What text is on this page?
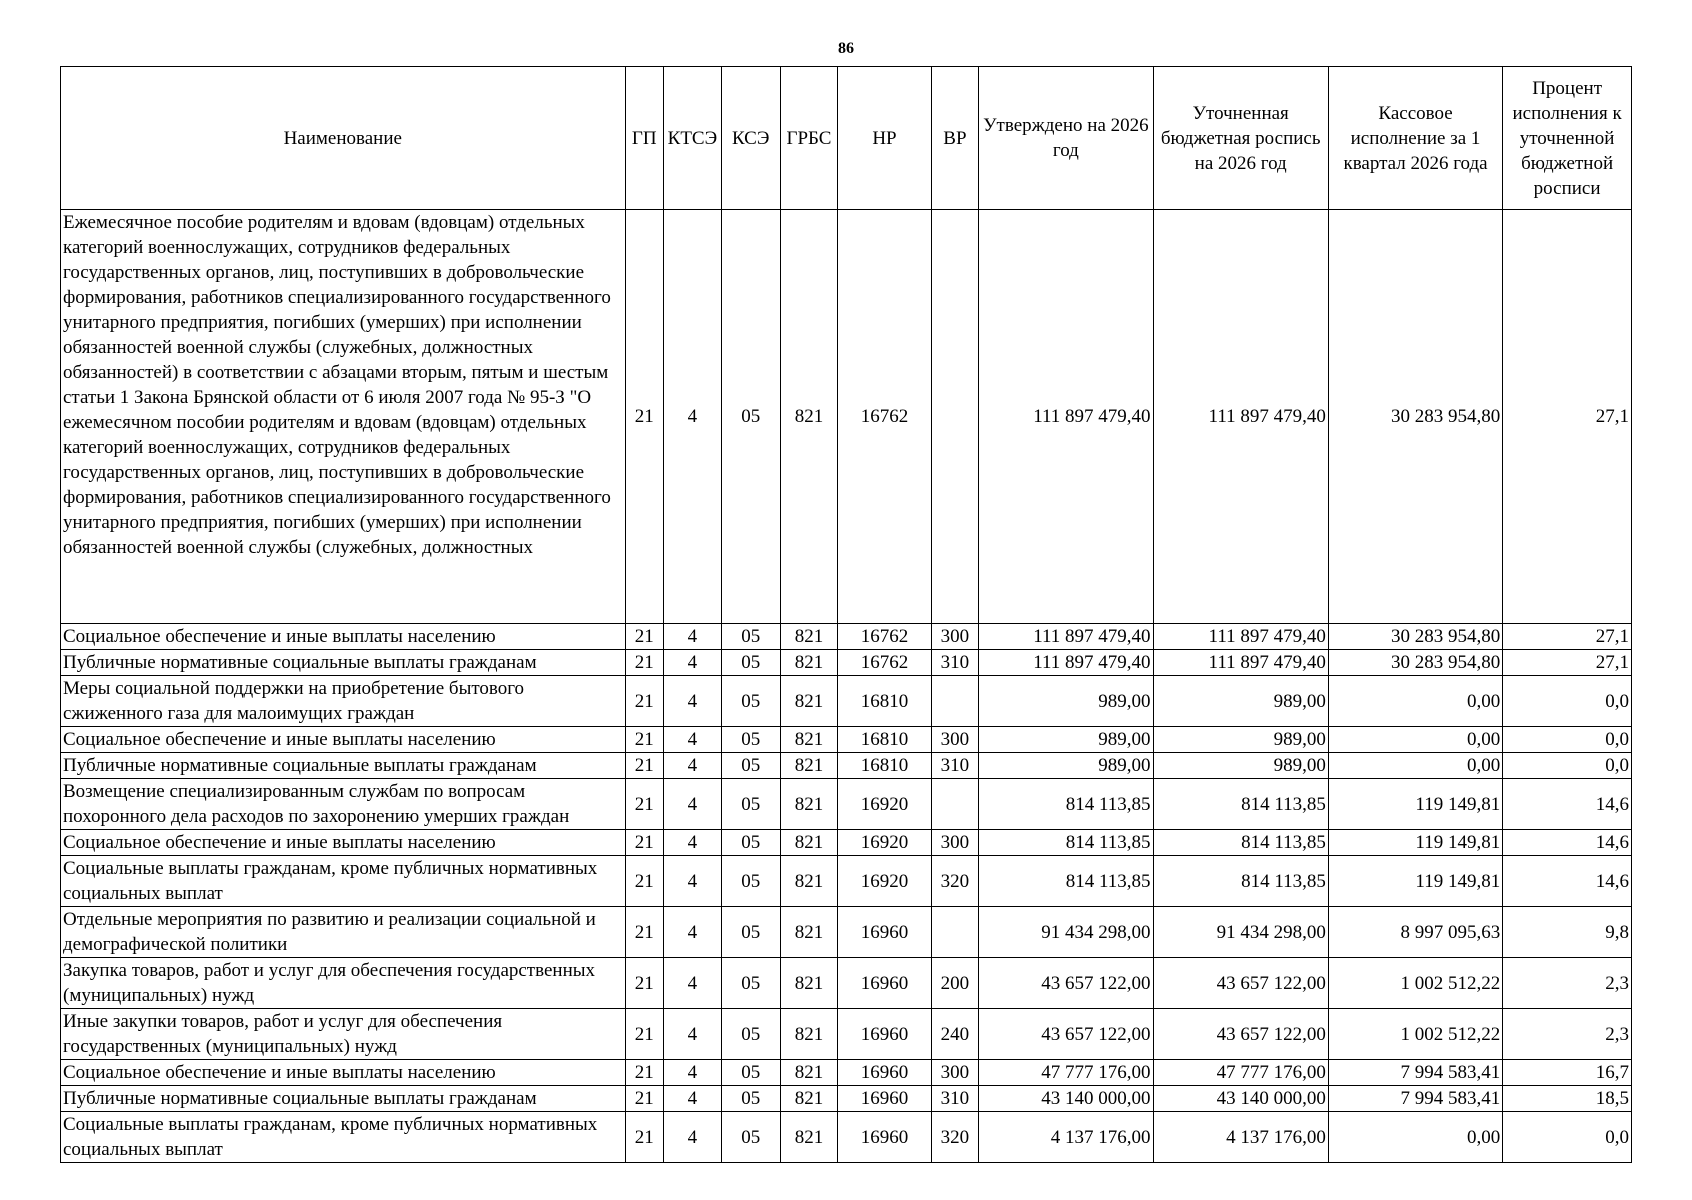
86
Наименование	ГП	КТСЭ	КСЭ	ГРБС	НР	ВР	Утверждено на 2026 год	Уточненная бюджетная роспись на 2026 год	Кассовое исполнение за 1 квартал 2026 года	Процент исполнения к уточненной бюджетной росписи

Ежемесячное пособие родителям и вдовам (вдовцам) отдельных категорий военнослужащих, сотрудников федеральных государственных органов, лиц, поступивших в добровольческие формирования, работников специализированного государственного унитарного предприятия, погибших (умерших) при исполнении обязанностей военной службы (служебных, должностных обязанностей) в соответствии с абзацами вторым, пятым и шестым статьи 1 Закона Брянской области от 6 июля 2007 года № 95-З "О ежемесячном пособии родителям и вдовам (вдовцам) отдельных категорий военнослужащих, сотрудников федеральных государственных органов, лиц, поступивших в добровольческие формирования, работников специализированного государственного унитарного предприятия, погибших (умерших) при исполнении обязанностей военной службы (служебных, должностных	21	4	05	821	16762		111 897 479,40	111 897 479,40	30 283 954,80	27,1
Социальное обеспечение и иные выплаты населению	21	4	05	821	16762	300	111 897 479,40	111 897 479,40	30 283 954,80	27,1
Публичные нормативные социальные выплаты гражданам	21	4	05	821	16762	310	111 897 479,40	111 897 479,40	30 283 954,80	27,1
Меры социальной поддержки на приобретение бытового сжиженного газа для малоимущих граждан	21	4	05	821	16810		989,00	989,00	0,00	0,0
Социальное обеспечение и иные выплаты населению	21	4	05	821	16810	300	989,00	989,00	0,00	0,0
Публичные нормативные социальные выплаты гражданам	21	4	05	821	16810	310	989,00	989,00	0,00	0,0
Возмещение специализированным службам по вопросам похоронного дела расходов по захоронению умерших граждан	21	4	05	821	16920		814 113,85	814 113,85	119 149,81	14,6
Социальное обеспечение и иные выплаты населению	21	4	05	821	16920	300	814 113,85	814 113,85	119 149,81	14,6
Социальные выплаты гражданам, кроме публичных нормативных социальных выплат	21	4	05	821	16920	320	814 113,85	814 113,85	119 149,81	14,6
Отдельные мероприятия по развитию и реализации социальной и демографической политики	21	4	05	821	16960		91 434 298,00	91 434 298,00	8 997 095,63	9,8
Закупка товаров, работ и услуг для обеспечения государственных (муниципальных) нужд	21	4	05	821	16960	200	43 657 122,00	43 657 122,00	1 002 512,22	2,3
Иные закупки товаров, работ и услуг для обеспечения государственных (муниципальных) нужд	21	4	05	821	16960	240	43 657 122,00	43 657 122,00	1 002 512,22	2,3
Социальное обеспечение и иные выплаты населению	21	4	05	821	16960	300	47 777 176,00	47 777 176,00	7 994 583,41	16,7
Публичные нормативные социальные выплаты гражданам	21	4	05	821	16960	310	43 140 000,00	43 140 000,00	7 994 583,41	18,5
Социальные выплаты гражданам, кроме публичных нормативных социальных выплат	21	4	05	821	16960	320	4 137 176,00	4 137 176,00	0,00	0,0
